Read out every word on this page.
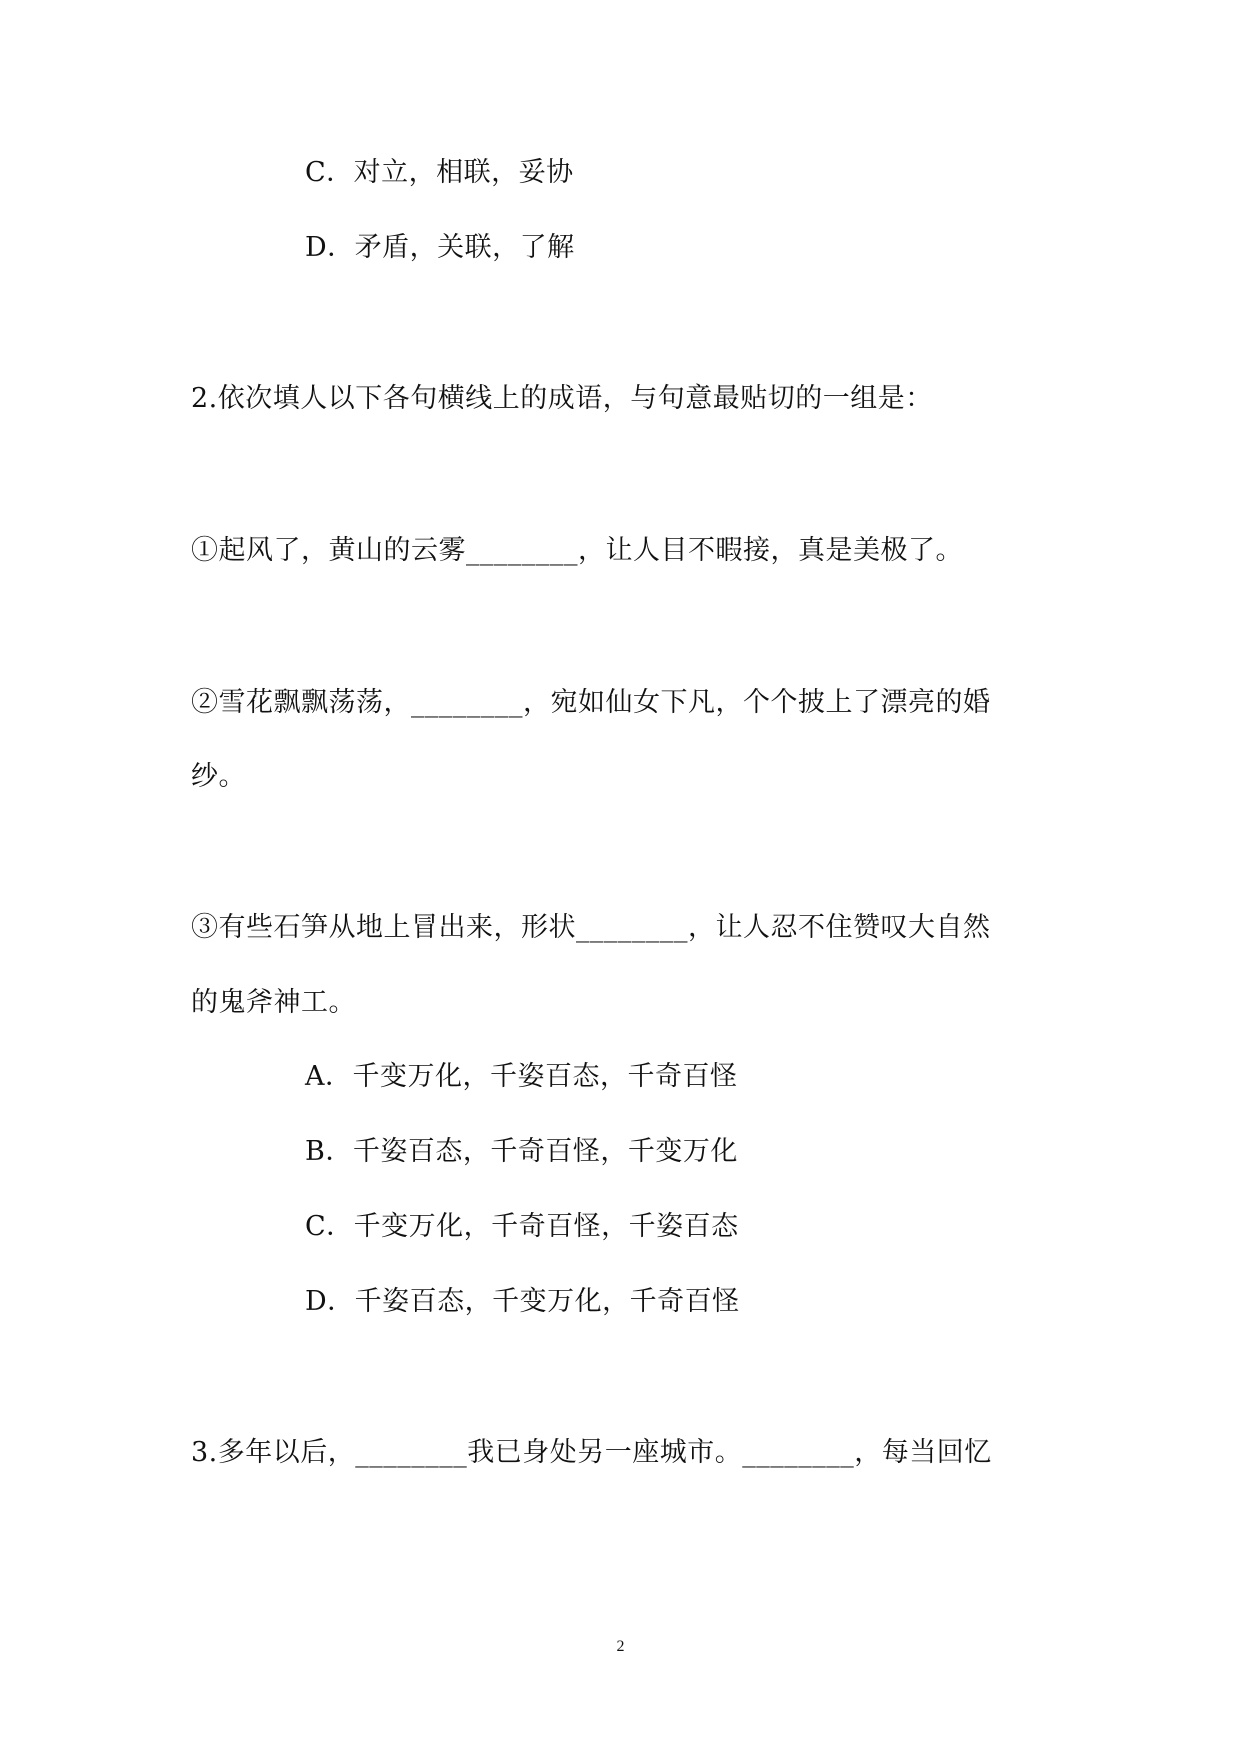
C．对立，相联，妥协
D．矛盾，关联，了解
2.依次填人以下各句横线上的成语，与句意最贴切的一组是：
①起风了，黄山的云雾________，让人目不暇接，真是美极了。
②雪花飘飘荡荡，________，宛如仙女下凡，个个披上了漂亮的婚
纱。
③有些石笋从地上冒出来，形状________，让人忍不住赞叹大自然
的鬼斧神工。
A．千变万化，千姿百态，千奇百怪
B．千姿百态，千奇百怪，千变万化
C．千变万化，千奇百怪，千姿百态
D．千姿百态，千变万化，千奇百怪
3.多年以后，________我已身处另一座城市。________，每当回忆
2
